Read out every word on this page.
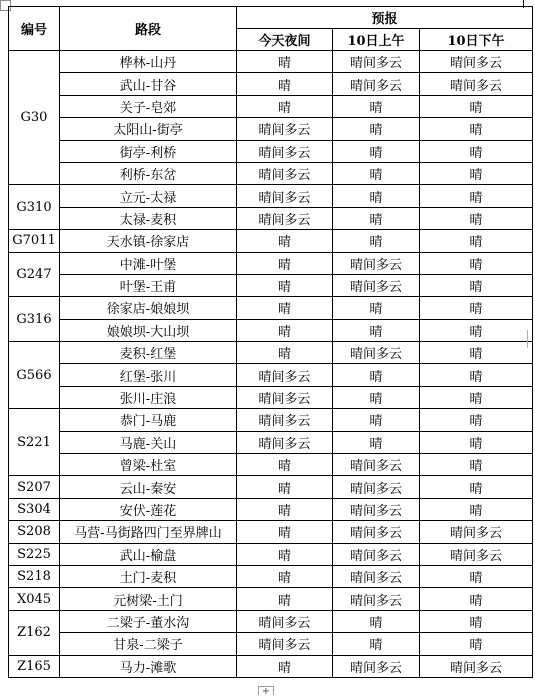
编号	路段	预报		
		今天夜间	10日上午	10日下午
G30	桦林-山丹	晴	晴间多云	晴间多云
	武山-甘谷	晴	晴间多云	晴间多云
	关子-皂郊	晴	晴	晴
	太阳山-街亭	晴间多云	晴	晴
	街亭-利桥	晴间多云	晴	晴
	利桥-东岔	晴间多云	晴	晴
G310	立元-太禄	晴间多云	晴	晴
	太禄-麦积	晴间多云	晴	晴
G7011	天水镇-徐家店	晴	晴	晴
G247	中滩-叶堡	晴	晴间多云	晴
	叶堡-王甫	晴	晴间多云	晴
G316	徐家店-娘娘坝	晴	晴	晴
	娘娘坝-大山坝	晴	晴	晴
G566	麦积-红堡	晴	晴间多云	晴
	红堡-张川	晴间多云	晴	晴
	张川-庄浪	晴间多云	晴	晴
S221	恭门-马鹿	晴间多云	晴	晴
	马鹿-关山	晴间多云	晴	晴
	曾梁-杜室	晴	晴间多云	晴
S207	云山-秦安	晴	晴间多云	晴
S304	安伏-莲花	晴	晴间多云	晴
S208	马营-马街路四门至界牌山	晴	晴间多云	晴间多云
S225	武山-榆盘	晴	晴间多云	晴间多云
S218	土门-麦积	晴	晴间多云	晴
X045	元树梁-土门	晴	晴间多云	晴
Z162	二梁子-董水沟	晴间多云	晴	晴
	甘泉-二梁子	晴间多云	晴	晴
Z165	马力-滩歌	晴	晴间多云	晴间多云
+
